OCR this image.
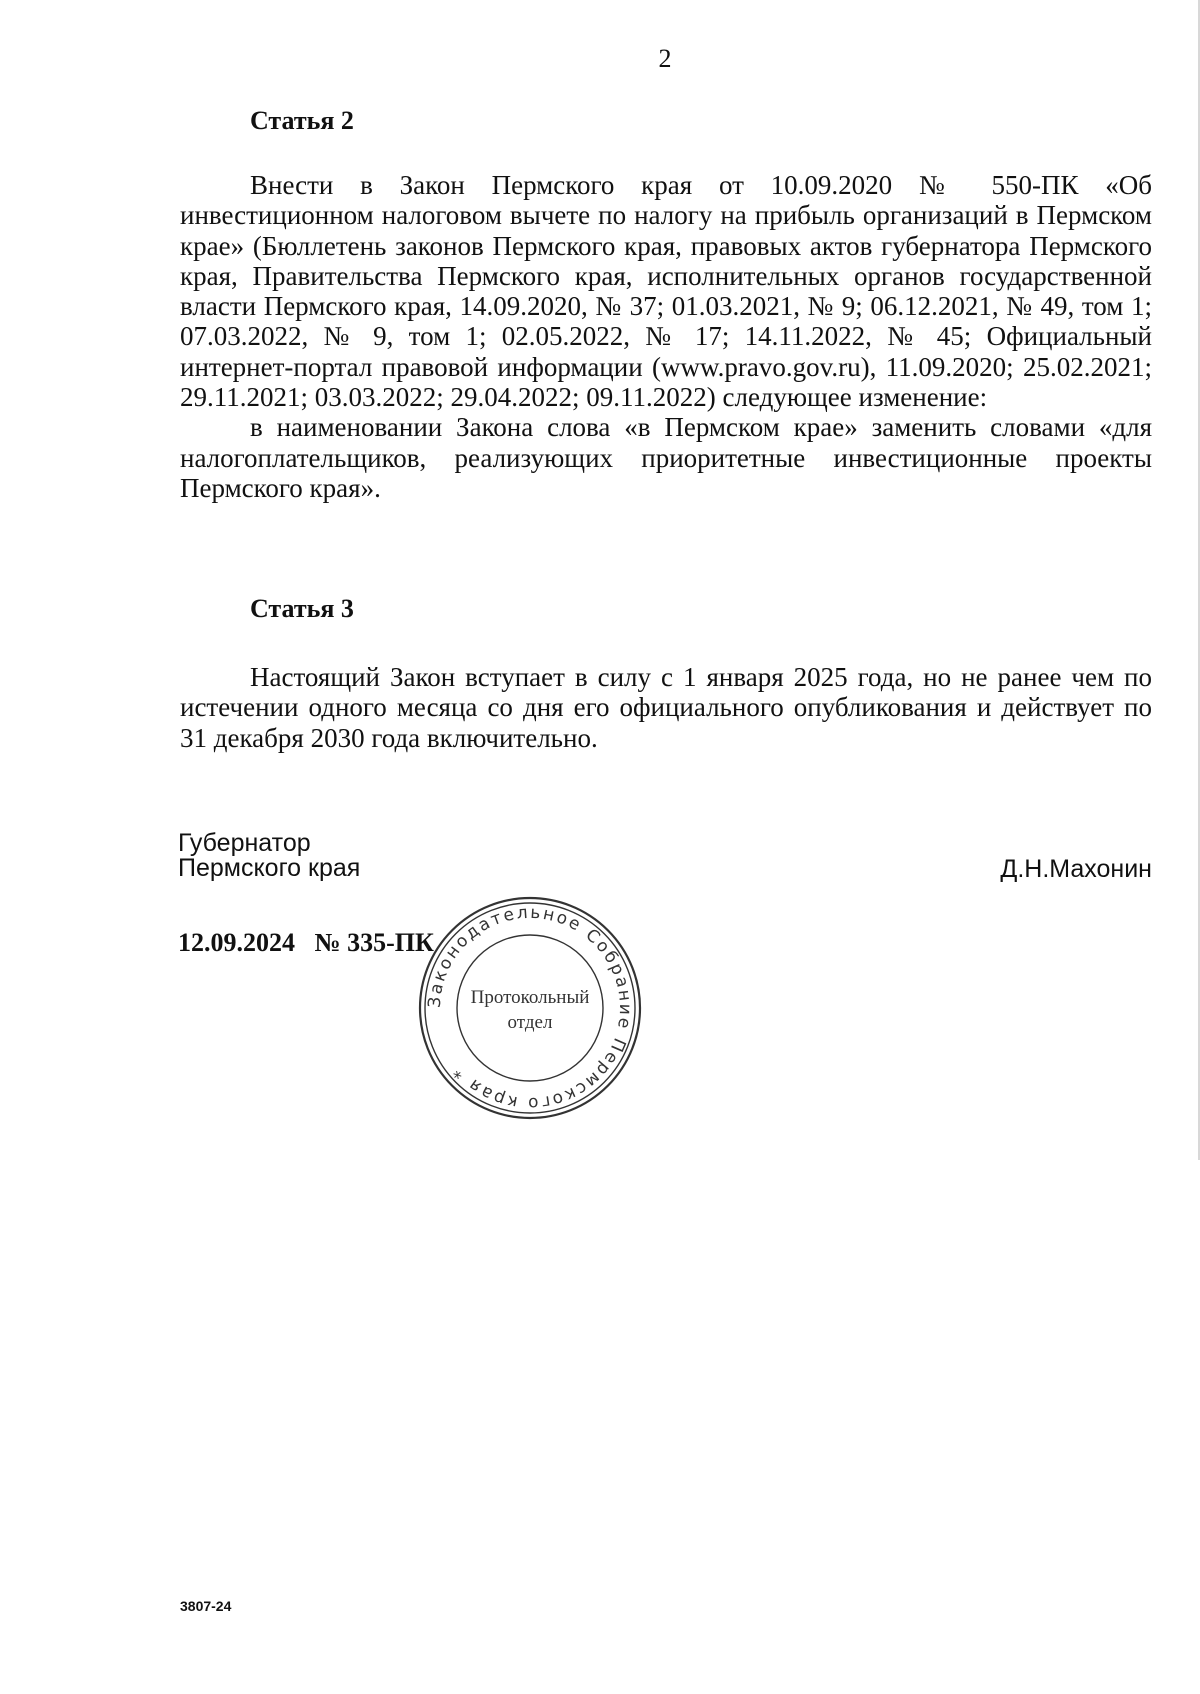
2
Статья 2

Внести в Закон Пермского края от 10.09.2020 № 550-ПК «Об инвестиционном налоговом вычете по налогу на прибыль организаций в Пермском крае» (Бюллетень законов Пермского края, правовых актов губернатора Пермского края, Правительства Пермского края, исполнительных органов государственной власти Пермского края, 14.09.2020, № 37; 01.03.2021, № 9; 06.12.2021, № 49, том 1; 07.03.2022, № 9, том 1; 02.05.2022, № 17; 14.11.2022, № 45; Официальный интернет-портал правовой информации (www.pravo.gov.ru), 11.09.2020; 25.02.2021; 29.11.2021; 03.03.2022; 29.04.2022; 09.11.2022) следующее изменение:

в наименовании Закона слова «в Пермском крае» заменить словами «для налогоплательщиков, реализующих приоритетные инвестиционные проекты Пермского края».

Статья 3

Настоящий Закон вступает в силу с 1 января 2025 года, но не ранее чем по истечении одного месяца со дня его официального опубликования и действует по 31 декабря 2030 года включительно.

Губернатор
Пермского края	Д.Н.Махонин
12.09.2024 № 335-ПК
Законодательное Собрание Пермского края *
Протокольный
отдел
3807-24
